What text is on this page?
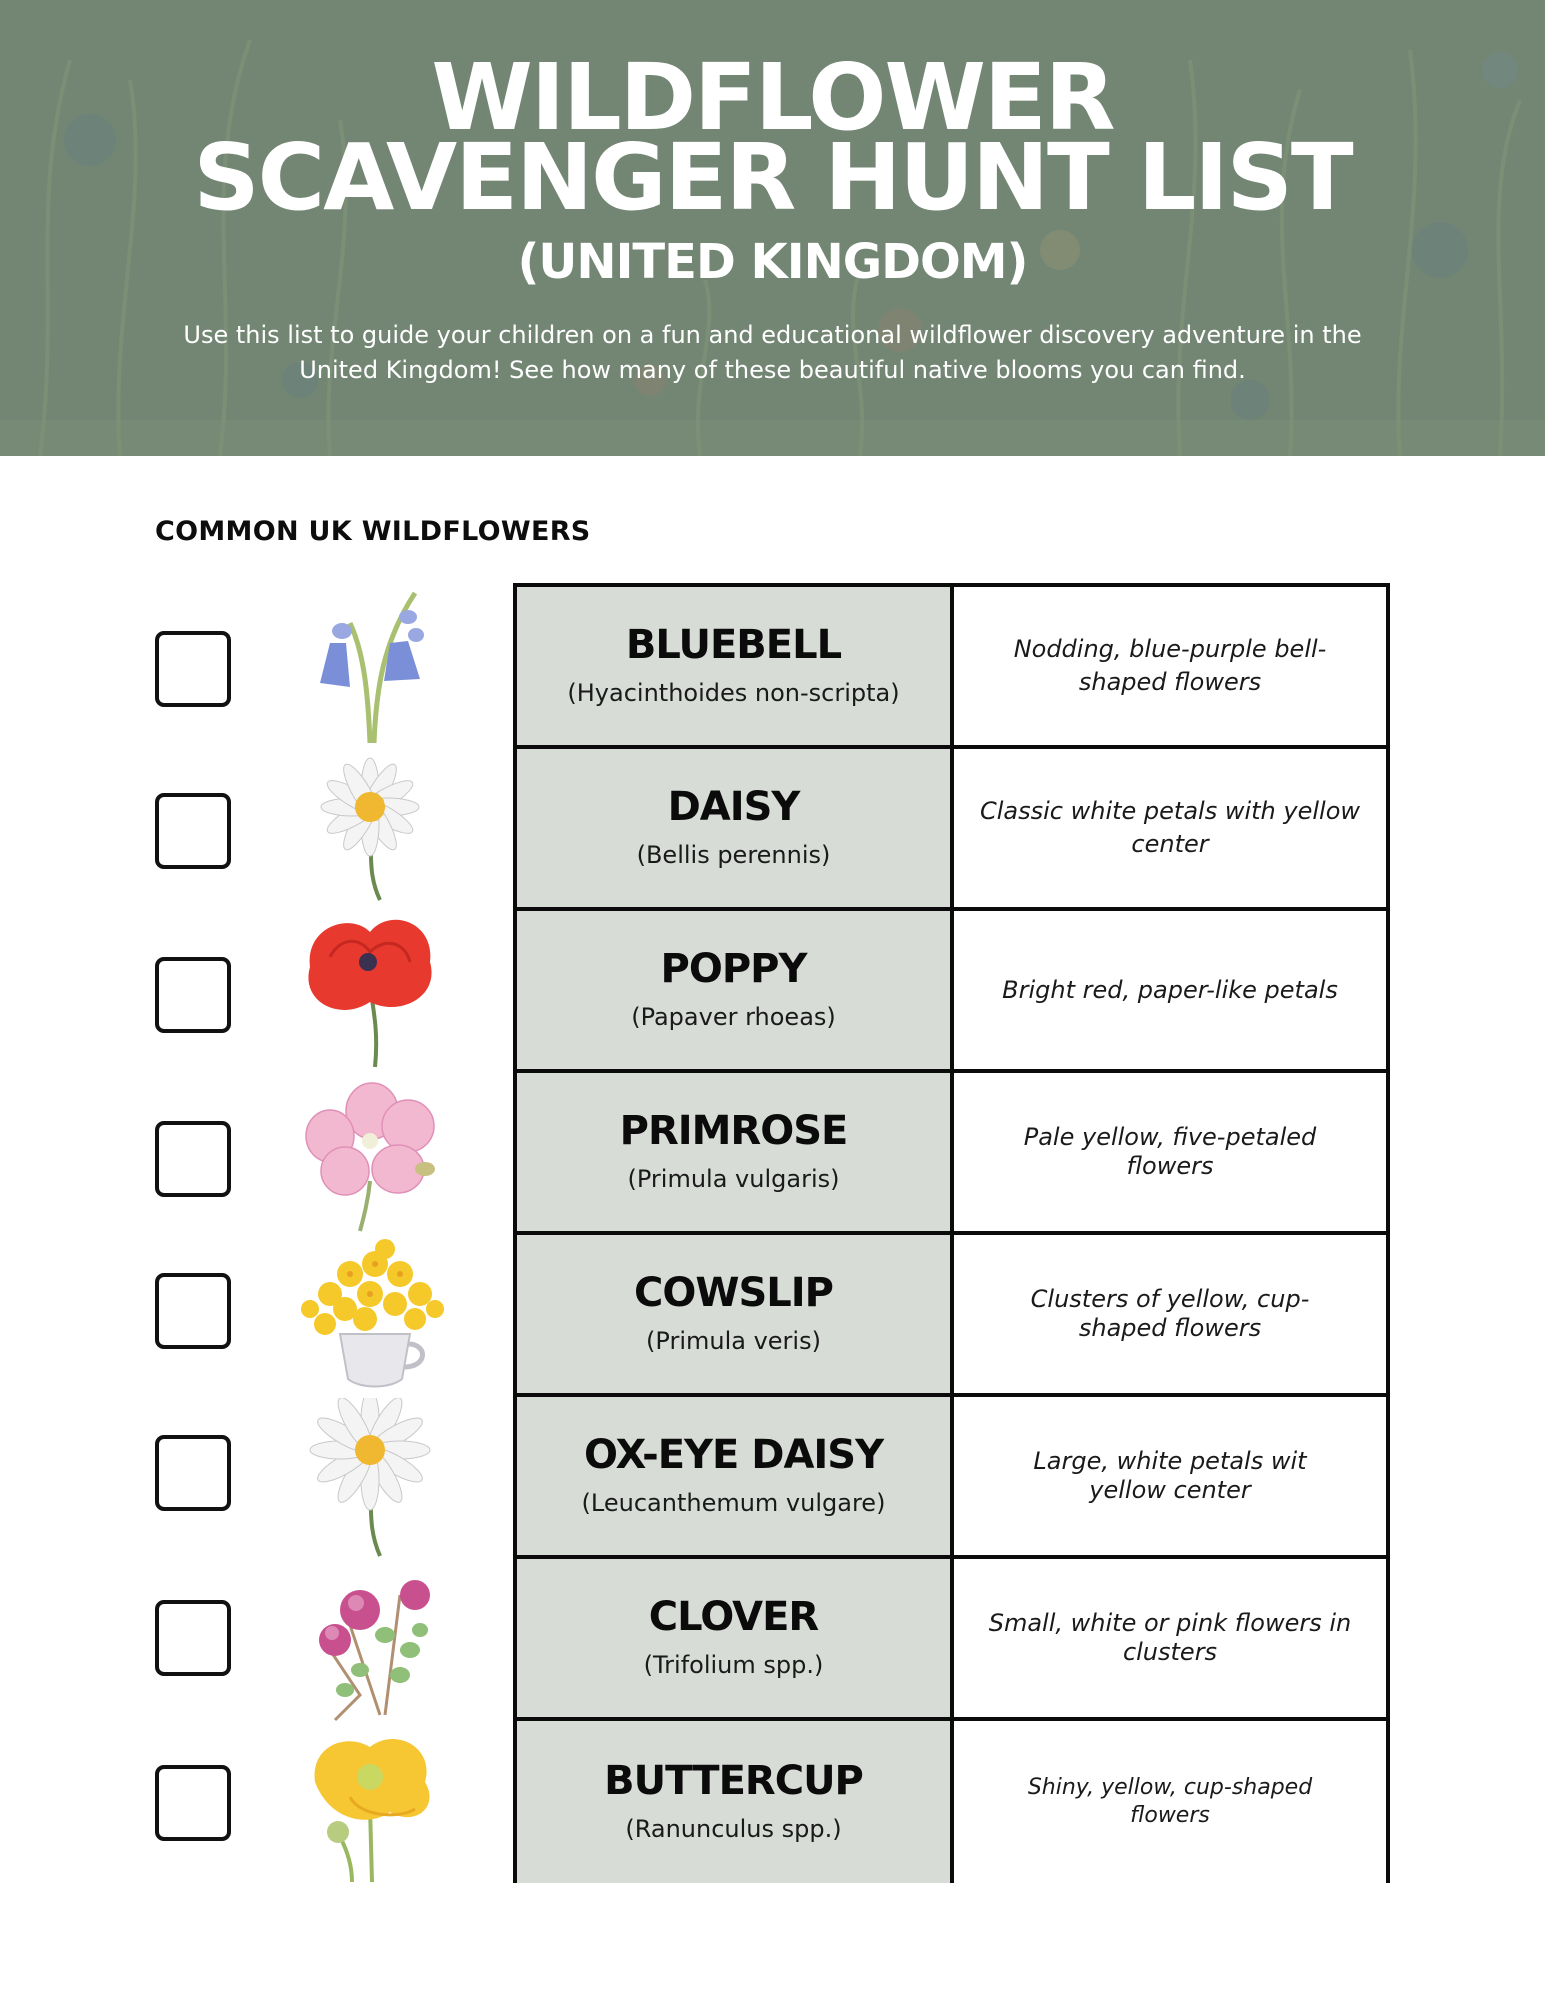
WILDFLOWER
SCAVENGER HUNT LIST
(UNITED KINGDOM)
Use this list to guide your children on a fun and educational wildflower discovery adventure in the United Kingdom! See how many of these beautiful native blooms you can find.
COMMON UK WILDFLOWERS
BLUEBELL
(Hyacinthoides non-scripta)
Nodding, blue-purple bell-shaped flowers
DAISY
(Bellis perennis)
Classic white petals with yellow center
POPPY
(Papaver rhoeas)
Bright red, paper-like petals
PRIMROSE
(Primula vulgaris)
Pale yellow, five-petaled flowers
COWSLIP
(Primula veris)
Clusters of yellow, cup-shaped flowers
OX-EYE DAISY
(Leucanthemum vulgare)
Large, white petals wit yellow center
CLOVER
(Trifolium spp.)
Small, white or pink flowers in clusters
BUTTERCUP
(Ranunculus spp.)
Shiny, yellow, cup-shaped flowers
